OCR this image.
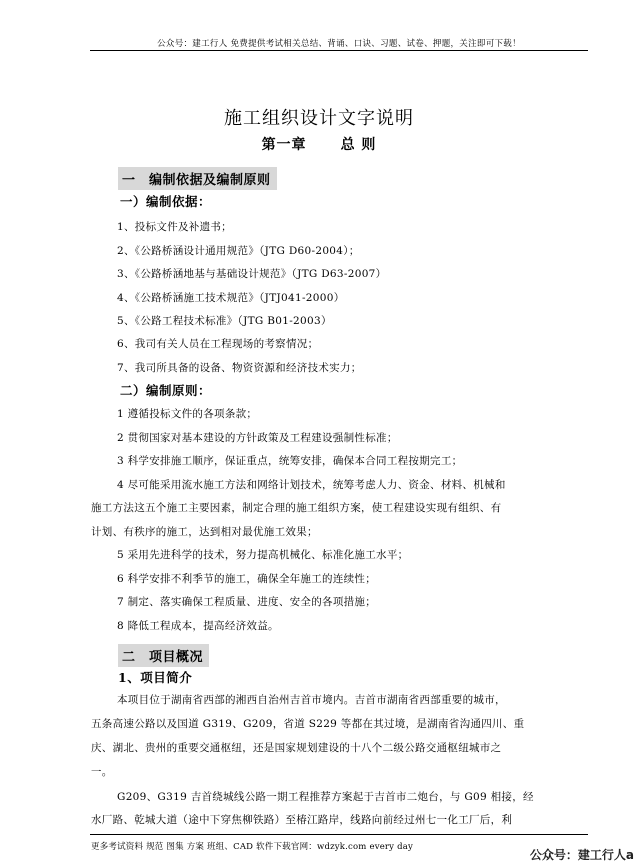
公众号：建工行人 免费提供考试相关总结、背诵、口诀、习题、试卷、押题，关注即可下载！
施工组织设计文字说明
第一章 总 则
一　编制依据及编制原则
一）编制依据：
1、投标文件及补遗书；
2、《公路桥涵设计通用规范》（JTG D60-2004）；
3、《公路桥涵地基与基础设计规范》（JTG D63-2007）
4、《公路桥涵施工技术规范》（JTJ041-2000）
5、《公路工程技术标准》（JTG B01-2003）
6、我司有关人员在工程现场的考察情况；
7、我司所具备的设备、物资资源和经济技术实力；
二）编制原则：
1 遵循投标文件的各项条款；
2 贯彻国家对基本建设的方针政策及工程建设强制性标准；
3 科学安排施工顺序，保证重点，统筹安排，确保本合同工程按期完工；
4 尽可能采用流水施工方法和网络计划技术，统筹考虑人力、资金、材料、机械和
施工方法这五个施工主要因素，制定合理的施工组织方案，使工程建设实现有组织、有
计划、有秩序的施工，达到相对最优施工效果；
5 采用先进科学的技术，努力提高机械化、标准化施工水平；
6 科学安排不利季节的施工，确保全年施工的连续性；
7 制定、落实确保工程质量、进度、安全的各项措施；
8 降低工程成本，提高经济效益。
二　项目概况
1、项目简介
本项目位于湖南省西部的湘西自治州吉首市境内。吉首市湖南省西部重要的城市，
五条高速公路以及国道 G319、G209，省道 S229 等都在其过境，是湖南省沟通四川、重
庆、湖北、贵州的重要交通枢纽，还是国家规划建设的十八个二级公路交通枢纽城市之
一。
G209、G319 吉首绕城线公路一期工程推荐方案起于吉首市二炮台，与 G09 相接，经
水厂路、乾城大道（途中下穿焦柳铁路）至椿江路岸，线路向前经过州七一化工厂后，利
更多考试资料 规范 图集 方案 班组、CAD 软件下载官网：wdzyk.com every day
公众号：建工行人a
